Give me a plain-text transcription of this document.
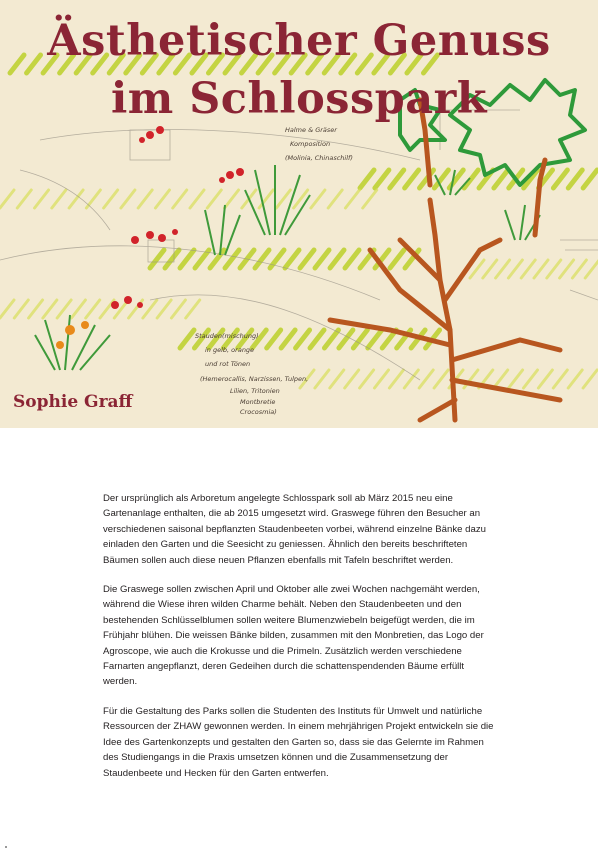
Halme & Gräser
Komposition
(Molinia, Chinaschilf)
Stauden(mischung)
in gelb, orange
und rot Tönen
(Hemerocallis, Narzissen, Tulpen,
Lilien, Tritonien
Montbretie
Crocosmia)
Ästhetischer Genuss
im Schlosspark
Sophie Graff

Der ursprünglich als Arboretum angelegte Schlosspark soll ab März 2015 neu eine Gartenanlage enthalten, die ab 2015 umgesetzt wird. Graswege führen den Besucher an verschiedenen saisonal bepflanzten Staudenbeeten vorbei, während einzelne Bänke dazu einladen den Garten und die Seesicht zu geniessen. Ähnlich den bereits beschrifteten Bäumen sollen auch diese neuen Pflanzen ebenfalls mit Tafeln beschriftet werden.

Die Graswege sollen zwischen April und Oktober alle zwei Wochen nachgemäht werden, während die Wiese ihren wilden Charme behält. Neben den Staudenbeeten und den bestehenden Schlüsselblumen sollen weitere Blumenzwiebeln beigefügt werden, die im Frühjahr blühen. Die weissen Bänke bilden, zusammen mit den Monbretien, das Logo der Agroscope, wie auch die Krokusse und die Primeln. Zusätzlich werden verschiedene Farnarten angepflanzt, deren Gedeihen durch die schattenspendenden Bäume erfüllt werden.

Für die Gestaltung des Parks sollen die Studenten des Instituts für Umwelt und natürliche Ressourcen der ZHAW gewonnen werden. In einem mehrjährigen Projekt entwickeln sie die Idee des Gartenkonzepts und gestalten den Garten so, dass sie das Gelernte im Rahmen des Studiengangs in die Praxis umsetzen können und die Zusammensetzung der Staudenbeete und Hecken für den Garten entwerfen.
